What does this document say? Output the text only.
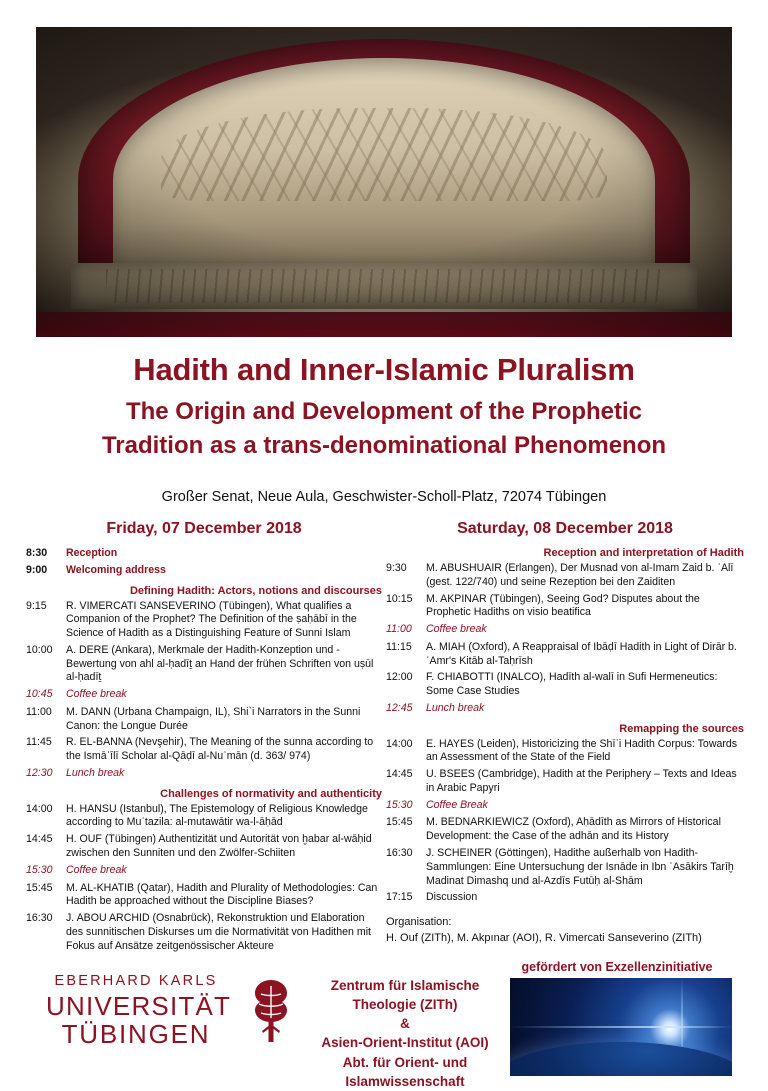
Hadith and Inner-Islamic Pluralism
The Origin and Development of the Prophetic
Tradition as a trans-denominational Phenomenon
Großer Senat, Neue Aula, Geschwister-Scholl-Platz, 72074 Tübingen
Friday, 07 December 2018
8:30	Reception
9:00	Welcoming address
Defining Hadith: Actors, notions and discourses
9:15	R. VIMERCATI SANSEVERINO (Tübingen), What qualifies a Companion of the Prophet? The Definition of the ṣaḥābī in the Science of Hadith as a Distinguishing Feature of Sunni Islam
10:00	A. DERE (Ankara), Merkmale der Hadith-Konzeption und -Bewertung von ahl al-ḥadīṯ an Hand der frühen Schriften von uṣūl al-ḥadīṯ
10:45	Coffee break
11:00	M. DANN (Urbana Champaign, IL), Shi`i Narrators in the Sunni Canon: the Longue Durée
11:45	R. EL-BANNA (Nevşehir), The Meaning of the sunna according to the Ismāʿīlī Scholar al-Qāḍī al-Nuʿmān (d. 363/ 974)
12:30	Lunch break
Challenges of normativity and authenticity
14:00	H. HANSU (Istanbul), The Epistemology of Religious Knowledge according to Muʿtazila: al-mutawātir wa-l-āḥād
14:45	H. OUF (Tübingen) Authentizität und Autorität von ḫabar al-wāḥid zwischen den Sunniten und den Zwölfer-Schiiten
15:30	Coffee break
15:45	M. AL-KHATIB (Qatar), Hadith and Plurality of Methodologies: Can Hadith be approached without the Discipline Biases?
16:30	J. ABOU ARCHID (Osnabrück), Rekonstruktion und Elaboration des sunnitischen Diskurses um die Normativität von Hadithen mit Fokus auf Ansätze zeitgenössischer Akteure
Saturday, 08 December 2018
Reception and interpretation of Hadith
9:30	M. ABUSHUAIR (Erlangen), Der Musnad von al-Imam Zaid b. ʿAlī (gest. 122/740) und seine Rezeption bei den Zaiditen
10:15	M. AKPINAR (Tübingen), Seeing God? Disputes about the Prophetic Hadiths on visio beatifica
11:00	Coffee break
11:15	A. MIAH (Oxford), A Reappraisal of Ibāḍī Hadith in Light of Dirār b. ʿAmr's Kitāb al-Taḥrīsh
12:00	F. CHIABOTTI (INALCO), Hadīth al-walī in Sufi Hermeneutics: Some Case Studies
12:45	Lunch break
Remapping the sources
14:00	E. HAYES (Leiden), Historicizing the Shīʿi Hadith Corpus: Towards an Assessment of the State of the Field
14:45	U. BSEES (Cambridge), Hadith at the Periphery – Texts and Ideas in Arabic Papyri
15:30	Coffee Break
15:45	M. BEDNARKIEWICZ (Oxford), Aḥādīth as Mirrors of Historical Development: the Case of the adhān and its History
16:30	J. SCHEINER (Göttingen), Hadithe außerhalb von Hadith-Sammlungen: Eine Untersuchung der Isnāde in Ibn ʿAsākirs Tarīḫ Madinat Dimashq und al-Azdīs Futūḥ al-Shām
17:15	Discussion
Organisation:
H. Ouf (ZITh), M. Akpınar (AOI), R. Vimercati Sanseverino (ZITh)
EBERHARD KARLS
UNIVERSITÄT
TÜBINGEN
Zentrum für Islamische
Theologie (ZITh)
&
Asien-Orient-Institut (AOI)
Abt. für Orient- und
Islamwissenschaft
gefördert von Exzellenzinitiative
